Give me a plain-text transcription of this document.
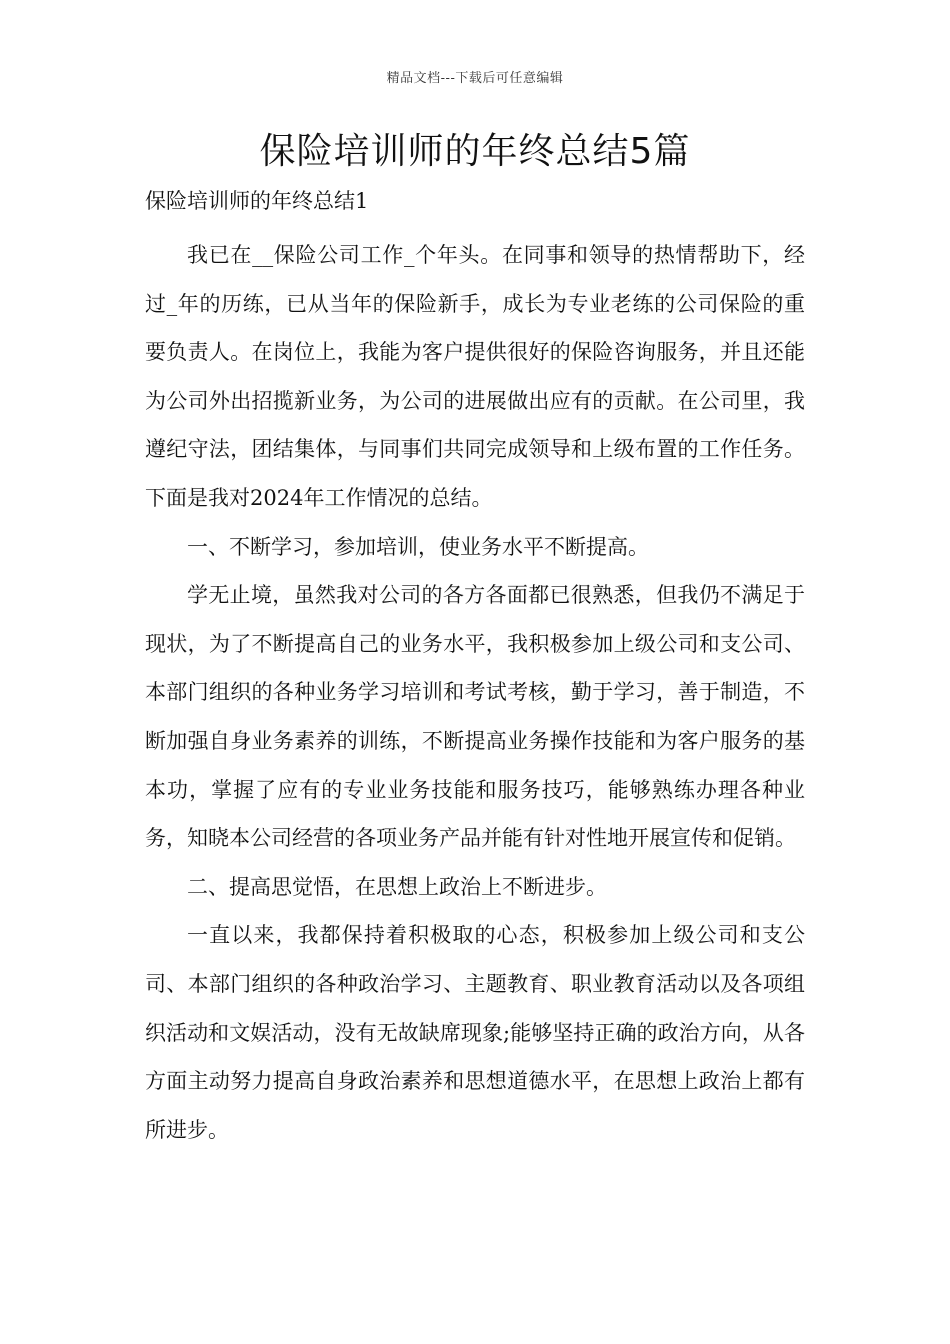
精品文档---下载后可任意编辑
保险培训师的年终总结5篇
保险培训师的年终总结1

我已在__保险公司工作_个年头。在同事和领导的热情帮助下，经过_年的历练，已从当年的保险新手，成长为专业老练的公司保险的重要负责人。在岗位上，我能为客户提供很好的保险咨询服务，并且还能为公司外出招揽新业务，为公司的进展做出应有的贡献。在公司里，我遵纪守法，团结集体，与同事们共同完成领导和上级布置的工作任务。下面是我对2024年工作情况的总结。

一、不断学习，参加培训，使业务水平不断提高。

学无止境，虽然我对公司的各方各面都已很熟悉，但我仍不满足于现状，为了不断提高自己的业务水平，我积极参加上级公司和支公司、本部门组织的各种业务学习培训和考试考核，勤于学习，善于制造，不断加强自身业务素养的训练，不断提高业务操作技能和为客户服务的基本功，掌握了应有的专业业务技能和服务技巧，能够熟练办理各种业务，知晓本公司经营的各项业务产品并能有针对性地开展宣传和促销。

二、提高思觉悟，在思想上政治上不断进步。

一直以来，我都保持着积极取的心态，积极参加上级公司和支公司、本部门组织的各种政治学习、主题教育、职业教育活动以及各项组织活动和文娱活动，没有无故缺席现象;能够坚持正确的政治方向，从各方面主动努力提高自身政治素养和思想道德水平，在思想上政治上都有所进步。
